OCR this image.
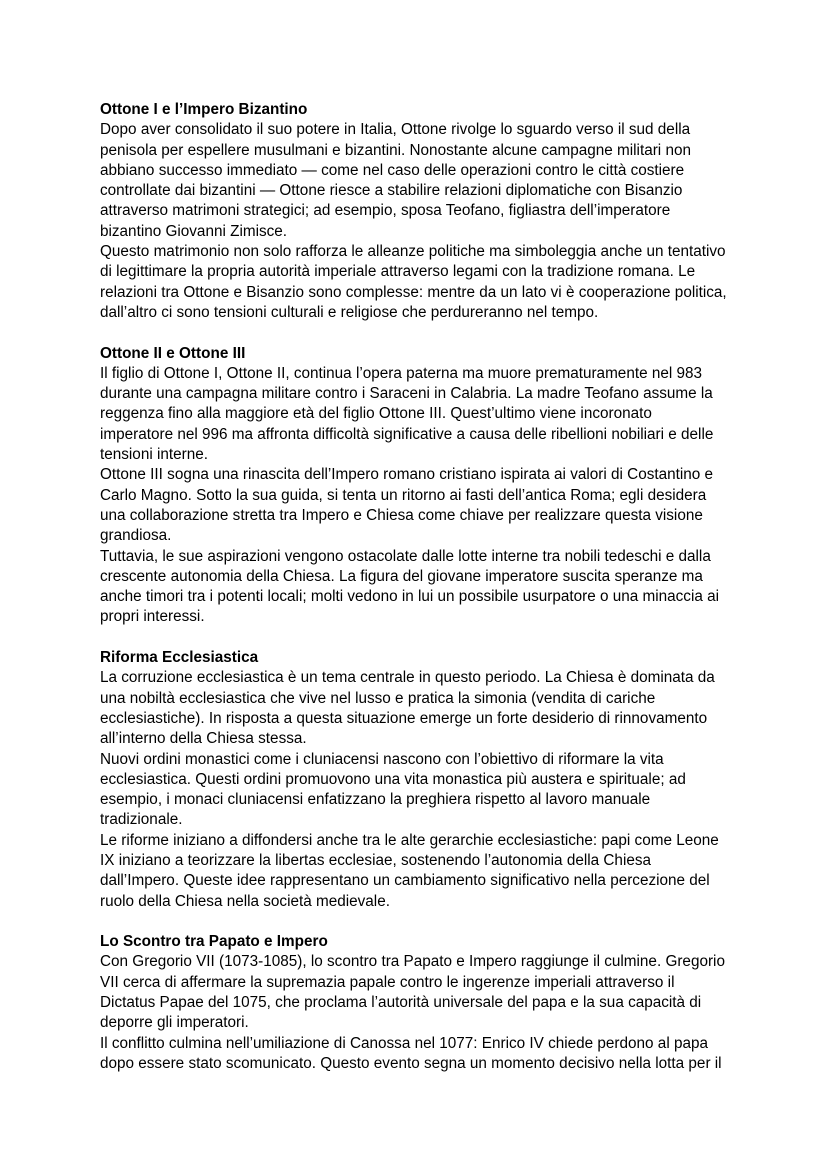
Ottone I e l’Impero Bizantino

Dopo aver consolidato il suo potere in Italia, Ottone rivolge lo sguardo verso il sud della penisola per espellere musulmani e bizantini. Nonostante alcune campagne militari non abbiano successo immediato — come nel caso delle operazioni contro le città costiere controllate dai bizantini — Ottone riesce a stabilire relazioni diplomatiche con Bisanzio attraverso matrimoni strategici; ad esempio, sposa Teofano, figliastra dell’imperatore bizantino Giovanni Zimisce.

Questo matrimonio non solo rafforza le alleanze politiche ma simboleggia anche un tentativo di legittimare la propria autorità imperiale attraverso legami con la tradizione romana. Le relazioni tra Ottone e Bisanzio sono complesse: mentre da un lato vi è cooperazione politica, dall’altro ci sono tensioni culturali e religiose che perdureranno nel tempo.

Ottone II e Ottone III

Il figlio di Ottone I, Ottone II, continua l’opera paterna ma muore prematuramente nel 983 durante una campagna militare contro i Saraceni in Calabria. La madre Teofano assume la reggenza fino alla maggiore età del figlio Ottone III. Quest’ultimo viene incoronato imperatore nel 996 ma affronta difficoltà significative a causa delle ribellioni nobiliari e delle tensioni interne.

Ottone III sogna una rinascita dell’Impero romano cristiano ispirata ai valori di Costantino e Carlo Magno. Sotto la sua guida, si tenta un ritorno ai fasti dell’antica Roma; egli desidera una collaborazione stretta tra Impero e Chiesa come chiave per realizzare questa visione grandiosa.

Tuttavia, le sue aspirazioni vengono ostacolate dalle lotte interne tra nobili tedeschi e dalla crescente autonomia della Chiesa. La figura del giovane imperatore suscita speranze ma anche timori tra i potenti locali; molti vedono in lui un possibile usurpatore o una minaccia ai propri interessi.

Riforma Ecclesiastica

La corruzione ecclesiastica è un tema centrale in questo periodo. La Chiesa è dominata da una nobiltà ecclesiastica che vive nel lusso e pratica la simonia (vendita di cariche ecclesiastiche). In risposta a questa situazione emerge un forte desiderio di rinnovamento all’interno della Chiesa stessa.

Nuovi ordini monastici come i cluniacensi nascono con l’obiettivo di riformare la vita ecclesiastica. Questi ordini promuovono una vita monastica più austera e spirituale; ad esempio, i monaci cluniacensi enfatizzano la preghiera rispetto al lavoro manuale tradizionale.

Le riforme iniziano a diffondersi anche tra le alte gerarchie ecclesiastiche: papi come Leone IX iniziano a teorizzare la libertas ecclesiae, sostenendo l’autonomia della Chiesa dall’Impero. Queste idee rappresentano un cambiamento significativo nella percezione del ruolo della Chiesa nella società medievale.

Lo Scontro tra Papato e Impero

Con Gregorio VII (1073-1085), lo scontro tra Papato e Impero raggiunge il culmine. Gregorio VII cerca di affermare la supremazia papale contro le ingerenze imperiali attraverso il Dictatus Papae del 1075, che proclama l’autorità universale del papa e la sua capacità di deporre gli imperatori.

Il conflitto culmina nell’umiliazione di Canossa nel 1077: Enrico IV chiede perdono al papa dopo essere stato scomunicato. Questo evento segna un momento decisivo nella lotta per il
